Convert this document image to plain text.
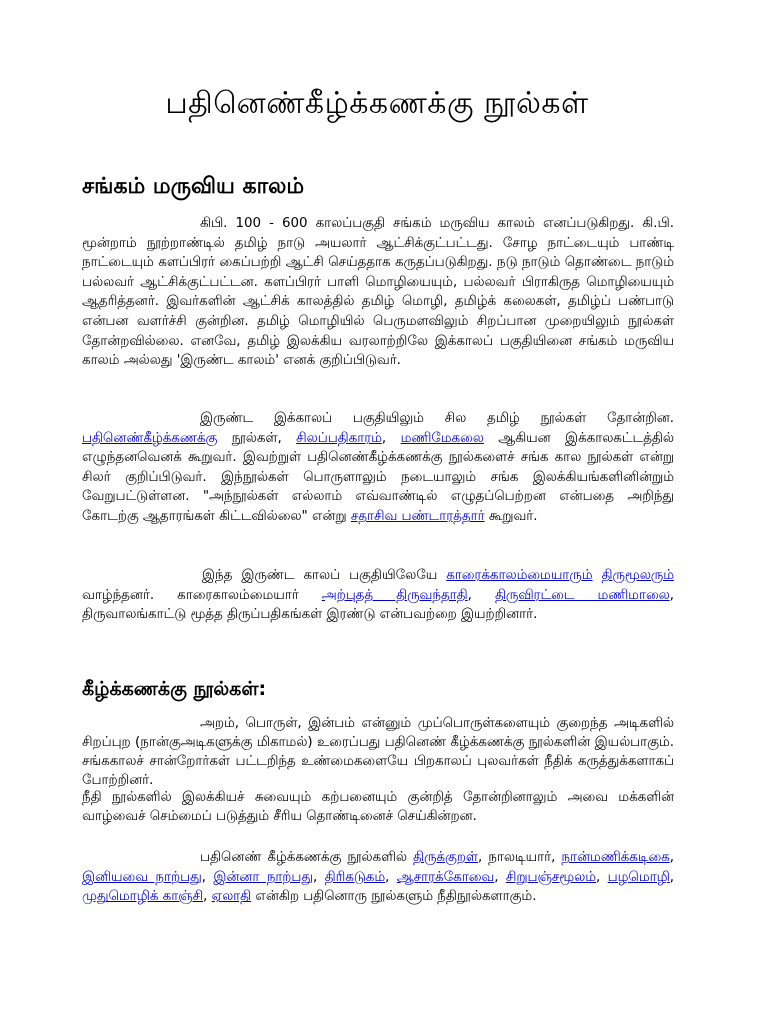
பதினெண்கீழ்க்கணக்கு நூல்கள்
சங்கம் மருவிய காலம்

கிபி. 100 - 600 காலப்பகுதி சங்கம் மருவிய காலம் எனப்படுகிறது. கி.பி. மூன்றாம் நூற்றாண்டில் தமிழ் நாடு அயலார் ஆட்சிக்குட்பட்டது. சோழ நாட்டையும் பாண்டி நாட்டையும் களப்பிரர் கைப்பற்றி ஆட்சி செய்ததாக கருதப்படுகிறது. நடு நாடும் தொண்டை நாடும் பல்லவர் ஆட்சிக்குட்பட்டன. களப்பிரர் பாளி மொழியையும், பல்லவர் பிராகிருத மொழியையும் ஆதரித்தனர். இவர்களின் ஆட்சிக் காலத்தில் தமிழ் மொழி, தமிழ்க் கலைகள், தமிழ்ப் பண்பாடு என்பன வளர்ச்சி குன்றின. தமிழ் மொழியில் பெருமளவிலும் சிறப்பான முறையிலும் நூல்கள் தோன்றவில்லை. எனவே, தமிழ் இலக்கிய வரலாற்றிலே இக்காலப் பகுதியினை சங்கம் மருவிய காலம் அல்லது 'இருண்ட காலம்' எனக் குறிப்பிடுவர்.

இருண்ட இக்காலப் பகுதியிலும் சில தமிழ் நூல்கள் தோன்றின. பதினெண்கீழ்க்கணக்கு நூல்கள், சிலப்பதிகாரம், மணிமேகலை ஆகியன இக்காலகட்டத்தில் எழுந்தனவெனக் கூறுவர். இவற்றுள் பதினெண்கீழ்க்கணக்கு நூல்களைச் சங்க கால நூல்கள் என்று சிலர் குறிப்பிடுவர். இந்நூல்கள் பொருளாலும் நடையாலும் சங்க இலக்கியங்களினின்றும் வேறுபட்டுள்ளன. "அந்நூல்கள் எல்லாம் எவ்வாண்டில் எழுதப்பெற்றன என்பதை அறிந்து கோடற்கு ஆதாரங்கள் கிட்டவில்லை" என்று சதாசிவ பண்டாரத்தார் கூறுவர்.

இந்த இருண்ட காலப் பகுதியிலேயே காரைக்காலம்மையாரும் திருமூலரும் வாழ்ந்தனர். காரைகாலம்மையார் அற்புதத் திருவந்தாதி, திருவிரட்டை மணிமாலை, திருவாலங்காட்டு மூத்த திருப்பதிகங்கள் இரண்டு என்பவற்றை இயற்றினார்.

கீழ்க்கணக்கு நூல்கள்:

அறம், பொருள், இன்பம் என்னும் முப்பொருள்களையும் குறைந்த அடிகளில் சிறப்புற (நான்குஅடிகளுக்கு மிகாமல்) உரைப்பது பதினெண் கீழ்க்கணக்கு நூல்களின் இயல்பாகும். சங்ககாலச் சான்றோர்கள் பட்டறிந்த உண்மைகளையே பிறகாலப் புலவர்கள் நீதிக் கருத்துக்களாகப் போற்றினர்.

நீதி நூல்களில் இலக்கியச் சுவையும் கற்பனையும் குன்றித் தோன்றினாலும் அவை மக்களின் வாழ்வைச் செம்மைப் படுத்தும் சீரிய தொண்டினைச் செய்கின்றன.

பதினெண் கீழ்க்கணக்கு நூல்களில் திருக்குறள், நாலடியார், நான்மணிக்கடிகை, இனியவை நாற்பது, இன்னா நாற்பது, திரிகடுகம், ஆசாரக்கோவை, சிறுபஞ்சமூலம், பழமொழி, முதுமொழிக் காஞ்சி, ஏலாதி என்கிற பதினொரு நூல்களும் நீதிநூல்களாகும்.
